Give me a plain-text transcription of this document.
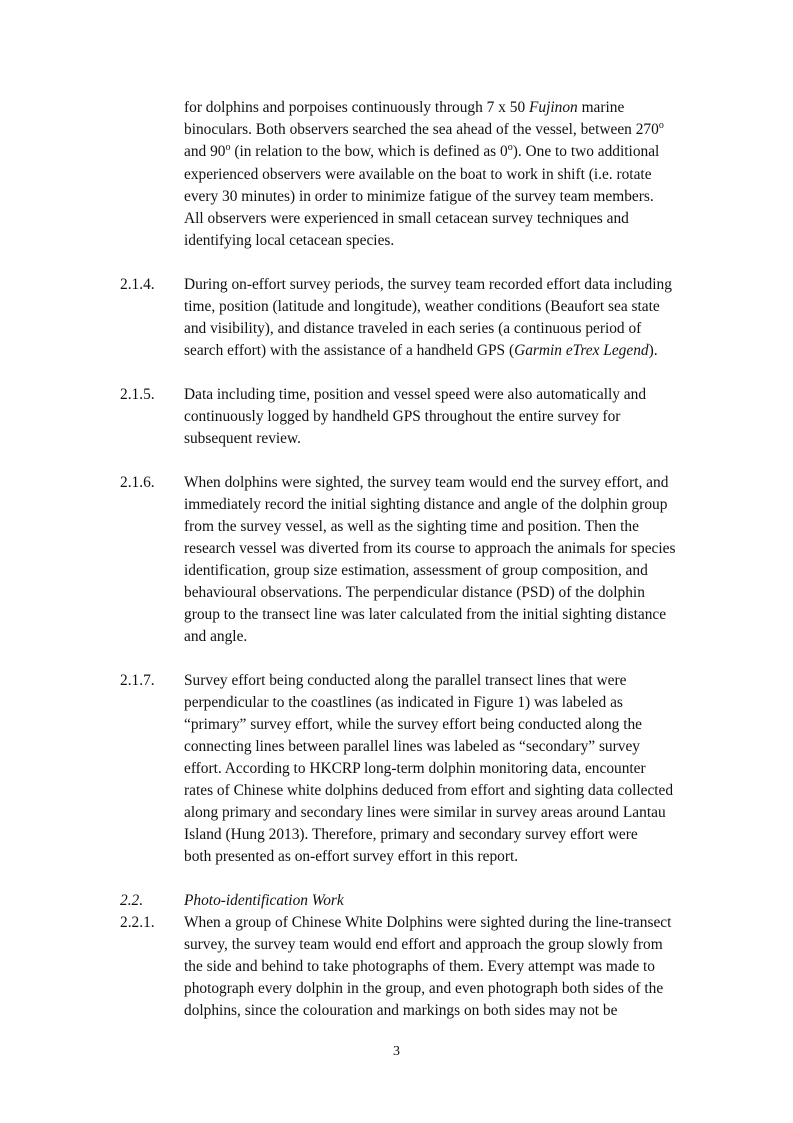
for dolphins and porpoises continuously through 7 x 50 Fujinon marine
binoculars. Both observers searched the sea ahead of the vessel, between 270$^o$
and 90$^o$ (in relation to the bow, which is defined as 0$^o$). One to two additional
experienced observers were available on the boat to work in shift (i.e. rotate
every 30 minutes) in order to minimize fatigue of the survey team members.
All observers were experienced in small cetacean survey techniques and
identifying local cetacean species.
2.1.4. During on-effort survey periods, the survey team recorded effort data including
time, position (latitude and longitude), weather conditions (Beaufort sea state
and visibility), and distance traveled in each series (a continuous period of
search effort) with the assistance of a handheld GPS (Garmin eTrex Legend).
2.1.5. Data including time, position and vessel speed were also automatically and
continuously logged by handheld GPS throughout the entire survey for
subsequent review.
2.1.6. When dolphins were sighted, the survey team would end the survey effort, and
immediately record the initial sighting distance and angle of the dolphin group
from the survey vessel, as well as the sighting time and position. Then the
research vessel was diverted from its course to approach the animals for species
identification, group size estimation, assessment of group composition, and
behavioural observations. The perpendicular distance (PSD) of the dolphin
group to the transect line was later calculated from the initial sighting distance
and angle.
2.1.7. Survey effort being conducted along the parallel transect lines that were
perpendicular to the coastlines (as indicated in Figure 1) was labeled as
“primary” survey effort, while the survey effort being conducted along the
connecting lines between parallel lines was labeled as “secondary” survey
effort. According to HKCRP long-term dolphin monitoring data, encounter
rates of Chinese white dolphins deduced from effort and sighting data collected
along primary and secondary lines were similar in survey areas around Lantau
Island (Hung 2013). Therefore, primary and secondary survey effort were
both presented as on-effort survey effort in this report.
2.2.	Photo-identification Work
2.2.1. When a group of Chinese White Dolphins were sighted during the line-transect
survey, the survey team would end effort and approach the group slowly from
the side and behind to take photographs of them. Every attempt was made to
photograph every dolphin in the group, and even photograph both sides of the
dolphins, since the colouration and markings on both sides may not be
3
